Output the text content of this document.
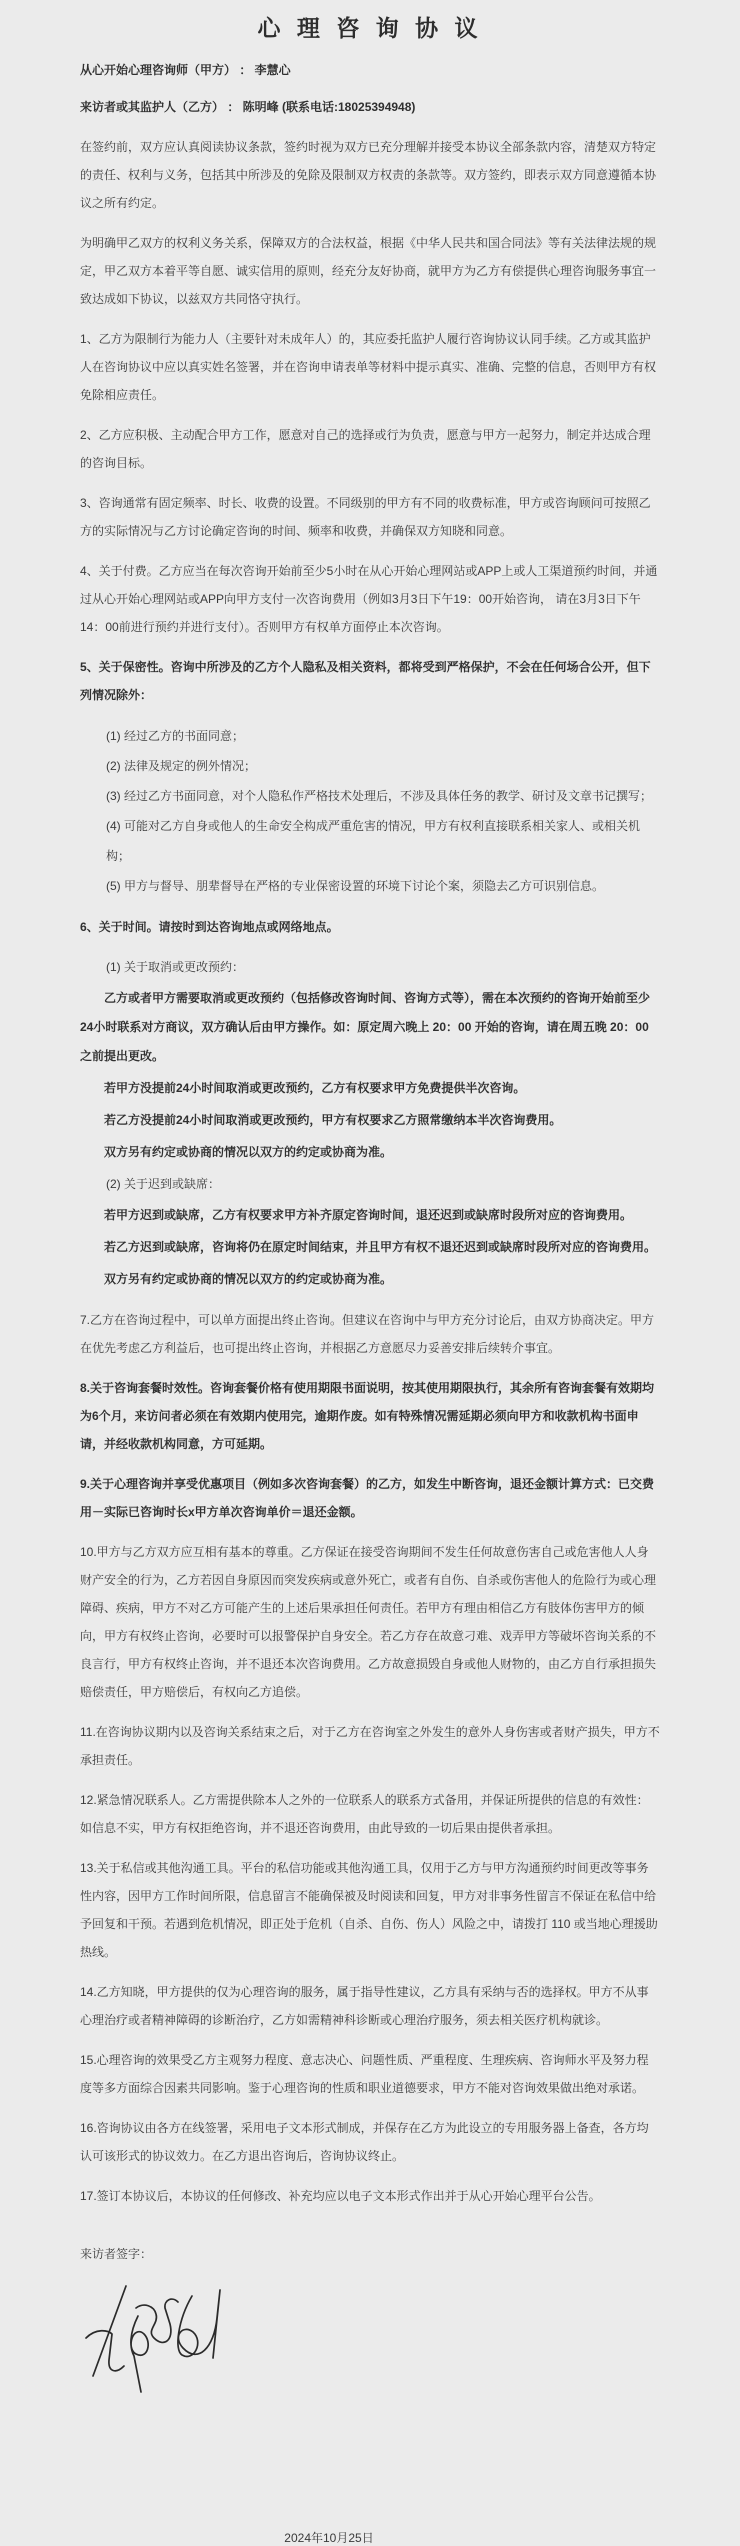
心 理 咨 询 协 议

从心开始心理咨询师（甲方） ： 李慧心

来访者或其监护人（乙方） ： 陈明峰 (联系电话:18025394948)

在签约前，双方应认真阅读协议条款，签约时视为双方已充分理解并接受本协议全部条款内容，清楚双方特定的责任、权利与义务，包括其中所涉及的免除及限制双方权责的条款等。双方签约，即表示双方同意遵循本协议之所有约定。

为明确甲乙双方的权利义务关系，保障双方的合法权益，根据《中华人民共和国合同法》等有关法律法规的规定，甲乙双方本着平等自愿、诚实信用的原则，经充分友好协商，就甲方为乙方有偿提供心理咨询服务事宜一致达成如下协议，以兹双方共同恪守执行。

1、乙方为限制行为能力人（主要针对未成年人）的，其应委托监护人履行咨询协议认同手续。乙方或其监护人在咨询协议中应以真实姓名签署，并在咨询申请表单等材料中提示真实、准确、完整的信息，否则甲方有权免除相应责任。

2、乙方应积极、主动配合甲方工作，愿意对自己的选择或行为负责，愿意与甲方一起努力，制定并达成合理的咨询目标。

3、咨询通常有固定频率、时长、收费的设置。不同级别的甲方有不同的收费标准，甲方或咨询顾问可按照乙方的实际情况与乙方讨论确定咨询的时间、频率和收费，并确保双方知晓和同意。

4、关于付费。乙方应当在每次咨询开始前至少5小时在从心开始心理网站或APP上或人工渠道预约时间，并通过从心开始心理网站或APP向甲方支付一次咨询费用（例如3月3日下午19：00开始咨询， 请在3月3日下午14：00前进行预约并进行支付）。否则甲方有权单方面停止本次咨询。

5、关于保密性。咨询中所涉及的乙方个人隐私及相关资料，都将受到严格保护，不会在任何场合公开，但下列情况除外：

(1) 经过乙方的书面同意；

(2) 法律及规定的例外情况；

(3) 经过乙方书面同意，对个人隐私作严格技术处理后，不涉及具体任务的教学、研讨及文章书记撰写；

(4) 可能对乙方自身或他人的生命安全构成严重危害的情况，甲方有权利直接联系相关家人、或相关机构；

(5) 甲方与督导、朋辈督导在严格的专业保密设置的环境下讨论个案，须隐去乙方可识别信息。

6、关于时间。请按时到达咨询地点或网络地点。

(1) 关于取消或更改预约：

乙方或者甲方需要取消或更改预约（包括修改咨询时间、咨询方式等），需在本次预约的咨询开始前至少24小时联系对方商议，双方确认后由甲方操作。如：原定周六晚上 20：00 开始的咨询，请在周五晚 20：00 之前提出更改。

若甲方没提前24小时间取消或更改预约，乙方有权要求甲方免费提供半次咨询。

若乙方没提前24小时间取消或更改预约，甲方有权要求乙方照常缴纳本半次咨询费用。

双方另有约定或协商的情况以双方的约定或协商为准。

(2) 关于迟到或缺席：

若甲方迟到或缺席，乙方有权要求甲方补齐原定咨询时间，退还迟到或缺席时段所对应的咨询费用。

若乙方迟到或缺席，咨询将仍在原定时间结束，并且甲方有权不退还迟到或缺席时段所对应的咨询费用。

双方另有约定或协商的情况以双方的约定或协商为准。

7.乙方在咨询过程中，可以单方面提出终止咨询。但建议在咨询中与甲方充分讨论后，由双方协商决定。甲方在优先考虑乙方利益后，也可提出终止咨询，并根据乙方意愿尽力妥善安排后续转介事宜。

8.关于咨询套餐时效性。咨询套餐价格有使用期限书面说明，按其使用期限执行，其余所有咨询套餐有效期均为6个月，来访问者必须在有效期内使用完，逾期作废。如有特殊情况需延期必须向甲方和收款机构书面申请，并经收款机构同意，方可延期。

9.关于心理咨询并享受优惠项目（例如多次咨询套餐）的乙方，如发生中断咨询，退还金额计算方式：已交费用－实际已咨询时长x甲方单次咨询单价＝退还金额。

10.甲方与乙方双方应互相有基本的尊重。乙方保证在接受咨询期间不发生任何故意伤害自己或危害他人人身财产安全的行为，乙方若因自身原因而突发疾病或意外死亡，或者有自伤、自杀或伤害他人的危险行为或心理障碍、疾病，甲方不对乙方可能产生的上述后果承担任何责任。若甲方有理由相信乙方有肢体伤害甲方的倾向，甲方有权终止咨询，必要时可以报警保护自身安全。若乙方存在故意刁难、戏弄甲方等破坏咨询关系的不良言行，甲方有权终止咨询，并不退还本次咨询费用。乙方故意损毁自身或他人财物的，由乙方自行承担损失赔偿责任，甲方赔偿后，有权向乙方追偿。

11.在咨询协议期内以及咨询关系结束之后，对于乙方在咨询室之外发生的意外人身伤害或者财产损失，甲方不承担责任。

12.紧急情况联系人。乙方需提供除本人之外的一位联系人的联系方式备用，并保证所提供的信息的有效性：如信息不实，甲方有权拒绝咨询，并不退还咨询费用，由此导致的一切后果由提供者承担。

13.关于私信或其他沟通工具。平台的私信功能或其他沟通工具，仅用于乙方与甲方沟通预约时间更改等事务性内容，因甲方工作时间所限，信息留言不能确保被及时阅读和回复，甲方对非事务性留言不保证在私信中给予回复和干预。若遇到危机情况，即正处于危机（自杀、自伤、伤人）风险之中，请拨打 110 或当地心理援助热线。

14.乙方知晓，甲方提供的仅为心理咨询的服务，属于指导性建议，乙方具有采纳与否的选择权。甲方不从事心理治疗或者精神障碍的诊断治疗，乙方如需精神科诊断或心理治疗服务，须去相关医疗机构就诊。

15.心理咨询的效果受乙方主观努力程度、意志决心、问题性质、严重程度、生理疾病、咨询师水平及努力程度等多方面综合因素共同影响。鉴于心理咨询的性质和职业道德要求，甲方不能对咨询效果做出绝对承诺。

16.咨询协议由各方在线签署，采用电子文本形式制成，并保存在乙方为此设立的专用服务器上备查，各方均认可该形式的协议效力。在乙方退出咨询后，咨询协议终止。

17.签订本协议后，本协议的任何修改、补充均应以电子文本形式作出并于从心开始心理平台公告。

来访者签字：

2024年10月25日
